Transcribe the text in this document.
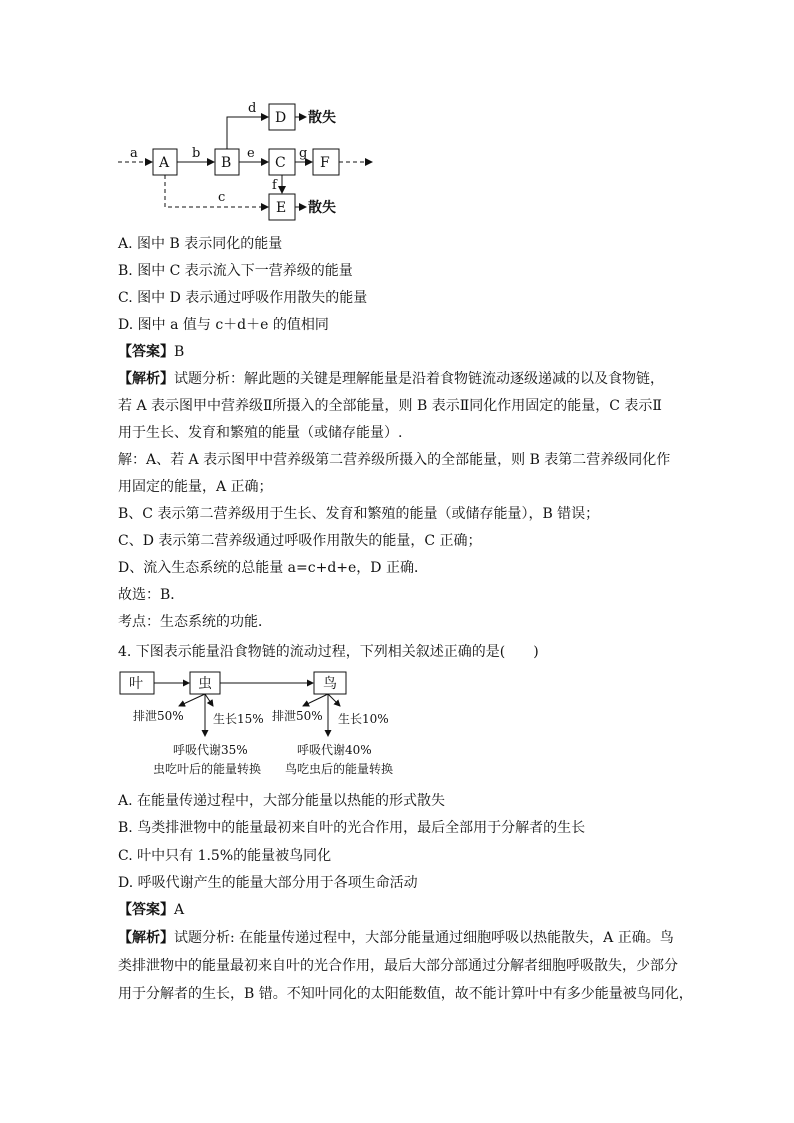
a
A
b
B
d
D 散失
e
C
g
F
f
c
E 散失
A. 图中 B 表示同化的能量
B. 图中 C 表示流入下一营养级的能量
C. 图中 D 表示通过呼吸作用散失的能量
D. 图中 a 值与 c＋d＋e 的值相同
【答案】B
【解析】试题分析：解此题的关键是理解能量是沿着食物链流动逐级递减的以及食物链，
若 A 表示图甲中营养级Ⅱ所摄入的全部能量，则 B 表示Ⅱ同化作用固定的能量，C 表示Ⅱ
用于生长、发育和繁殖的能量（或储存能量）.
解：A、若 A 表示图甲中营养级第二营养级所摄入的全部能量，则 B 表第二营养级同化作
用固定的能量，A 正确；
B、C 表示第二营养级用于生长、发育和繁殖的能量（或储存能量），B 错误；
C、D 表示第二营养级通过呼吸作用散失的能量，C 正确；
D、流入生态系统的总能量 a=c+d+e，D 正确．
故选：B．
考点：生态系统的功能．
4. 下图表示能量沿食物链的流动过程，下列相关叙述正确的是(　　)
叶	虫	鸟
排泄50% 生长15%
呼吸代谢35%
虫吃叶后的能量转换
排泄50% 生长10%
呼吸代谢40%
鸟吃虫后的能量转换
A. 在能量传递过程中，大部分能量以热能的形式散失
B. 鸟类排泄物中的能量最初来自叶的光合作用，最后全部用于分解者的生长
C. 叶中只有 1.5%的能量被鸟同化
D. 呼吸代谢产生的能量大部分用于各项生命活动
【答案】A
【解析】试题分析: 在能量传递过程中，大部分能量通过细胞呼吸以热能散失，A 正确。鸟
类排泄物中的能量最初来自叶的光合作用，最后大部分部通过分解者细胞呼吸散失，少部分
用于分解者的生长，B 错。不知叶同化的太阳能数值，故不能计算叶中有多少能量被鸟同化，
